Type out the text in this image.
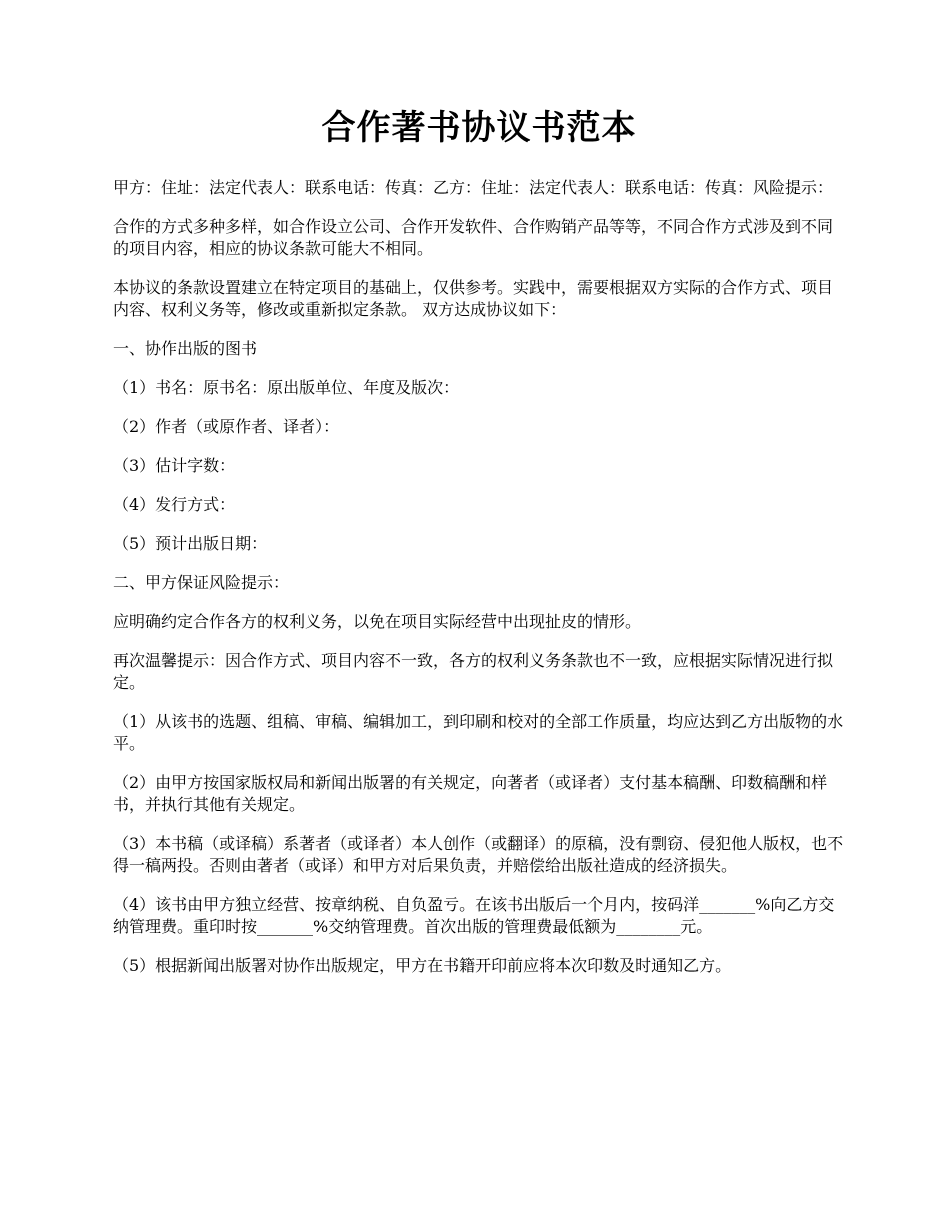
合作著书协议书范本

甲方：住址：法定代表人：联系电话：传真：乙方：住址：法定代表人：联系电话：传真：风险提示：

合作的方式多种多样，如合作设立公司、合作开发软件、合作购销产品等等，不同合作方式涉及到不同的项目内容，相应的协议条款可能大不相同。

本协议的条款设置建立在特定项目的基础上，仅供参考。实践中，需要根据双方实际的合作方式、项目内容、权利义务等，修改或重新拟定条款。 双方达成协议如下：

一、协作出版的图书

（1）书名：原书名：原出版单位、年度及版次：

（2）作者（或原作者、译者）：

（3）估计字数：

（4）发行方式：

（5）预计出版日期：

二、甲方保证风险提示：

应明确约定合作各方的权利义务，以免在项目实际经营中出现扯皮的情形。

再次温馨提示：因合作方式、项目内容不一致，各方的权利义务条款也不一致，应根据实际情况进行拟定。

（1）从该书的选题、组稿、审稿、编辑加工，到印刷和校对的全部工作质量，均应达到乙方出版物的水平。

（2）由甲方按国家版权局和新闻出版署的有关规定，向著者（或译者）支付基本稿酬、印数稿酬和样书，并执行其他有关规定。

（3）本书稿（或译稿）系著者（或译者）本人创作（或翻译）的原稿，没有剽窃、侵犯他人版权，也不得一稿两投。否则由著者（或译）和甲方对后果负责，并赔偿给出版社造成的经济损失。

（4）该书由甲方独立经营、按章纳税、自负盈亏。在该书出版后一个月内，按码洋_______%向乙方交纳管理费。重印时按_______%交纳管理费。首次出版的管理费最低额为________元。

（5）根据新闻出版署对协作出版规定，甲方在书籍开印前应将本次印数及时通知乙方。
